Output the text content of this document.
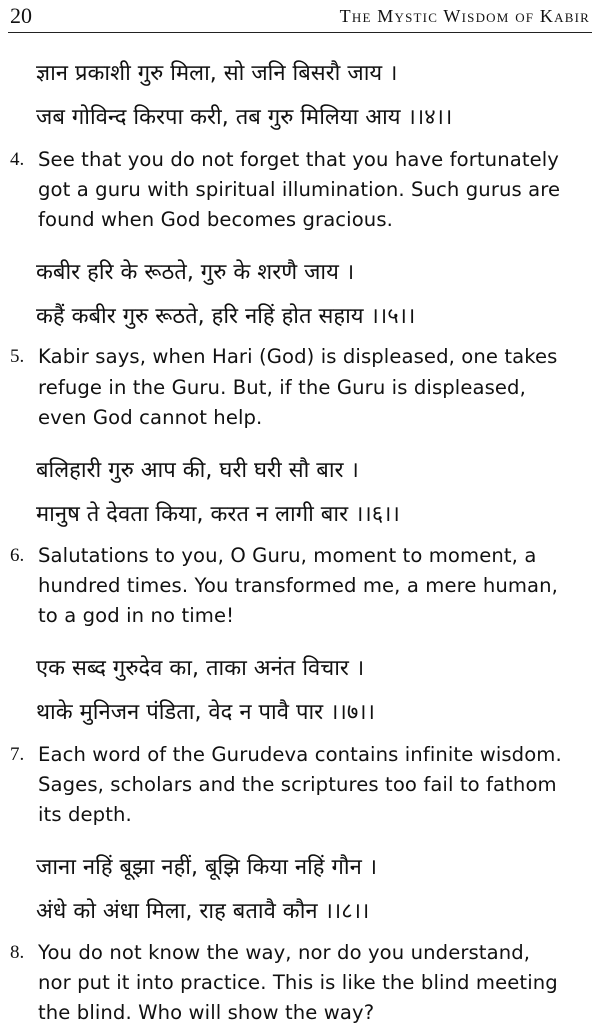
20	The Mystic Wisdom of Kabir
ज्ञान प्रकाशी गुरु मिला, सो जनि बिसरौ जाय ।
जब गोविन्द किरपा करी, तब गुरु मिलिया आय ।।४।।
4. See that you do not forget that you have fortunately
got a guru with spiritual illumination. Such gurus are
found when God becomes gracious.
कबीर हरि के रूठते, गुरु के शरणै जाय ।
कहैं कबीर गुरु रूठते, हरि नहिं होत सहाय ।।५।।
5. Kabir says, when Hari (God) is displeased, one takes
refuge in the Guru. But, if the Guru is displeased,
even God cannot help.
बलिहारी गुरु आप की, घरी घरी सौ बार ।
मानुष ते देवता किया, करत न लागी बार ।।६।।
6. Salutations to you, O Guru, moment to moment, a
hundred times. You transformed me, a mere human,
to a god in no time!
एक सब्द गुरुदेव का, ताका अनंत विचार ।
थाके मुनिजन पंडिता, वेद न पावै पार ।।७।।
7. Each word of the Gurudeva contains infinite wisdom.
Sages, scholars and the scriptures too fail to fathom
its depth.
जाना नहिं बूझा नहीं, बूझि किया नहिं गौन ।
अंधे को अंधा मिला, राह बतावै कौन ।।८।।
8. You do not know the way, nor do you understand,
nor put it into practice. This is like the blind meeting
the blind. Who will show the way?
